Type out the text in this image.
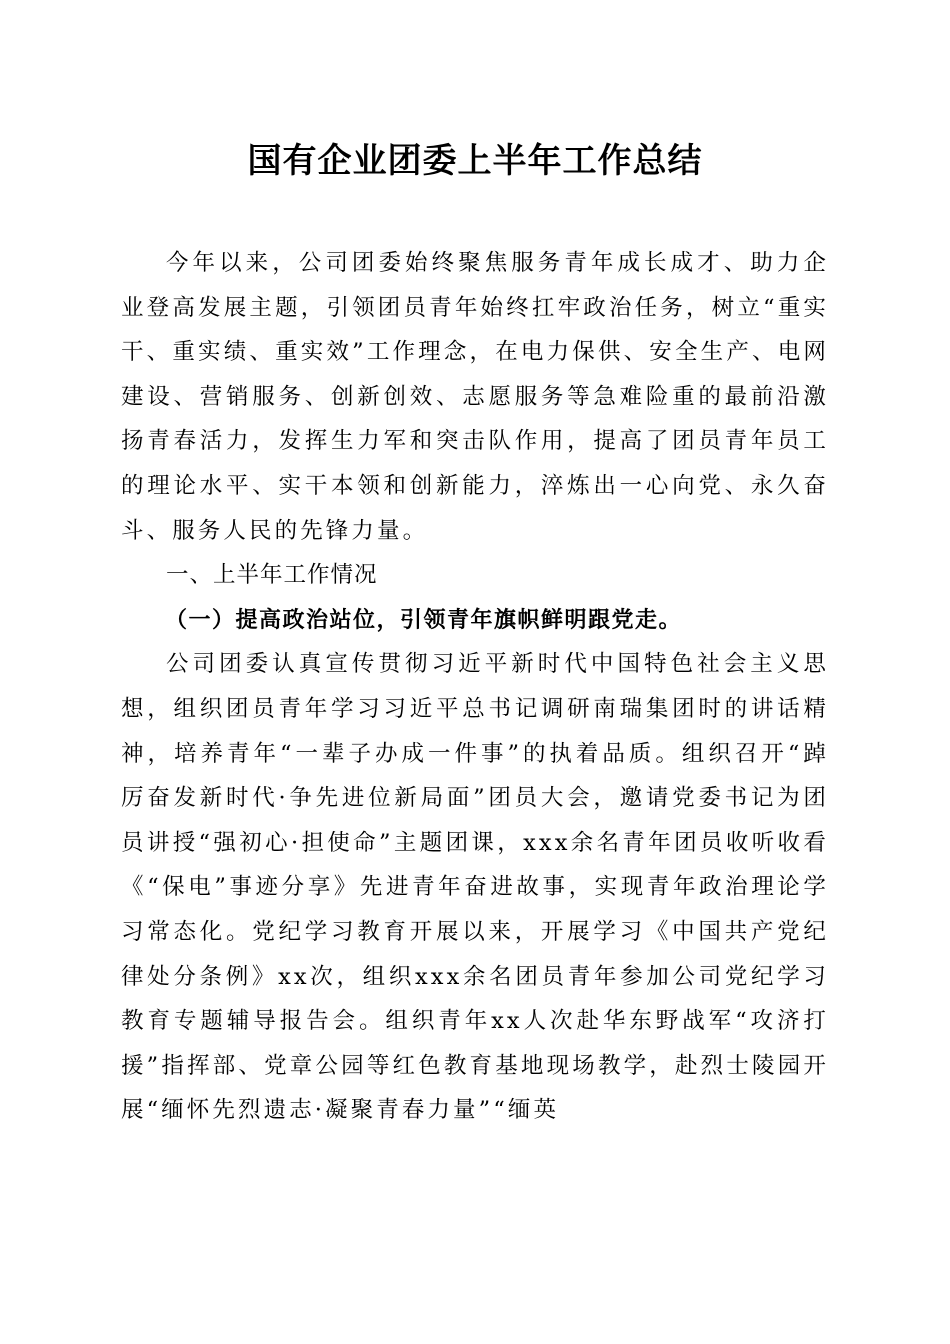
国有企业团委上半年工作总结

今年以来，公司团委始终聚焦服务青年成长成才、助力企业登高发展主题，引领团员青年始终扛牢政治任务，树立“重实干、重实绩、重实效”工作理念，在电力保供、安全生产、电网建设、营销服务、创新创效、志愿服务等急难险重的最前沿激扬青春活力，发挥生力军和突击队作用，提高了团员青年员工的理论水平、实干本领和创新能力，淬炼出一心向党、永久奋斗、服务人民的先锋力量。

一、上半年工作情况

（一）提高政治站位，引领青年旗帜鲜明跟党走。

公司团委认真宣传贯彻习近平新时代中国特色社会主义思想，组织团员青年学习习近平总书记调研南瑞集团时的讲话精神，培养青年“一辈子办成一件事”的执着品质。组织召开“踔厉奋发新时代·争先进位新局面”团员大会，邀请党委书记为团员讲授“强初心·担使命”主题团课，xxx余名青年团员收听收看《“保电”事迹分享》先进青年奋进故事，实现青年政治理论学习常态化。党纪学习教育开展以来，开展学习《中国共产党纪律处分条例》xx次，组织xxx余名团员青年参加公司党纪学习教育专题辅导报告会。组织青年xx人次赴华东野战军“攻济打援”指挥部、党章公园等红色教育基地现场教学，赴烈士陵园开展“缅怀先烈遗志·凝聚青春力量”“缅英
